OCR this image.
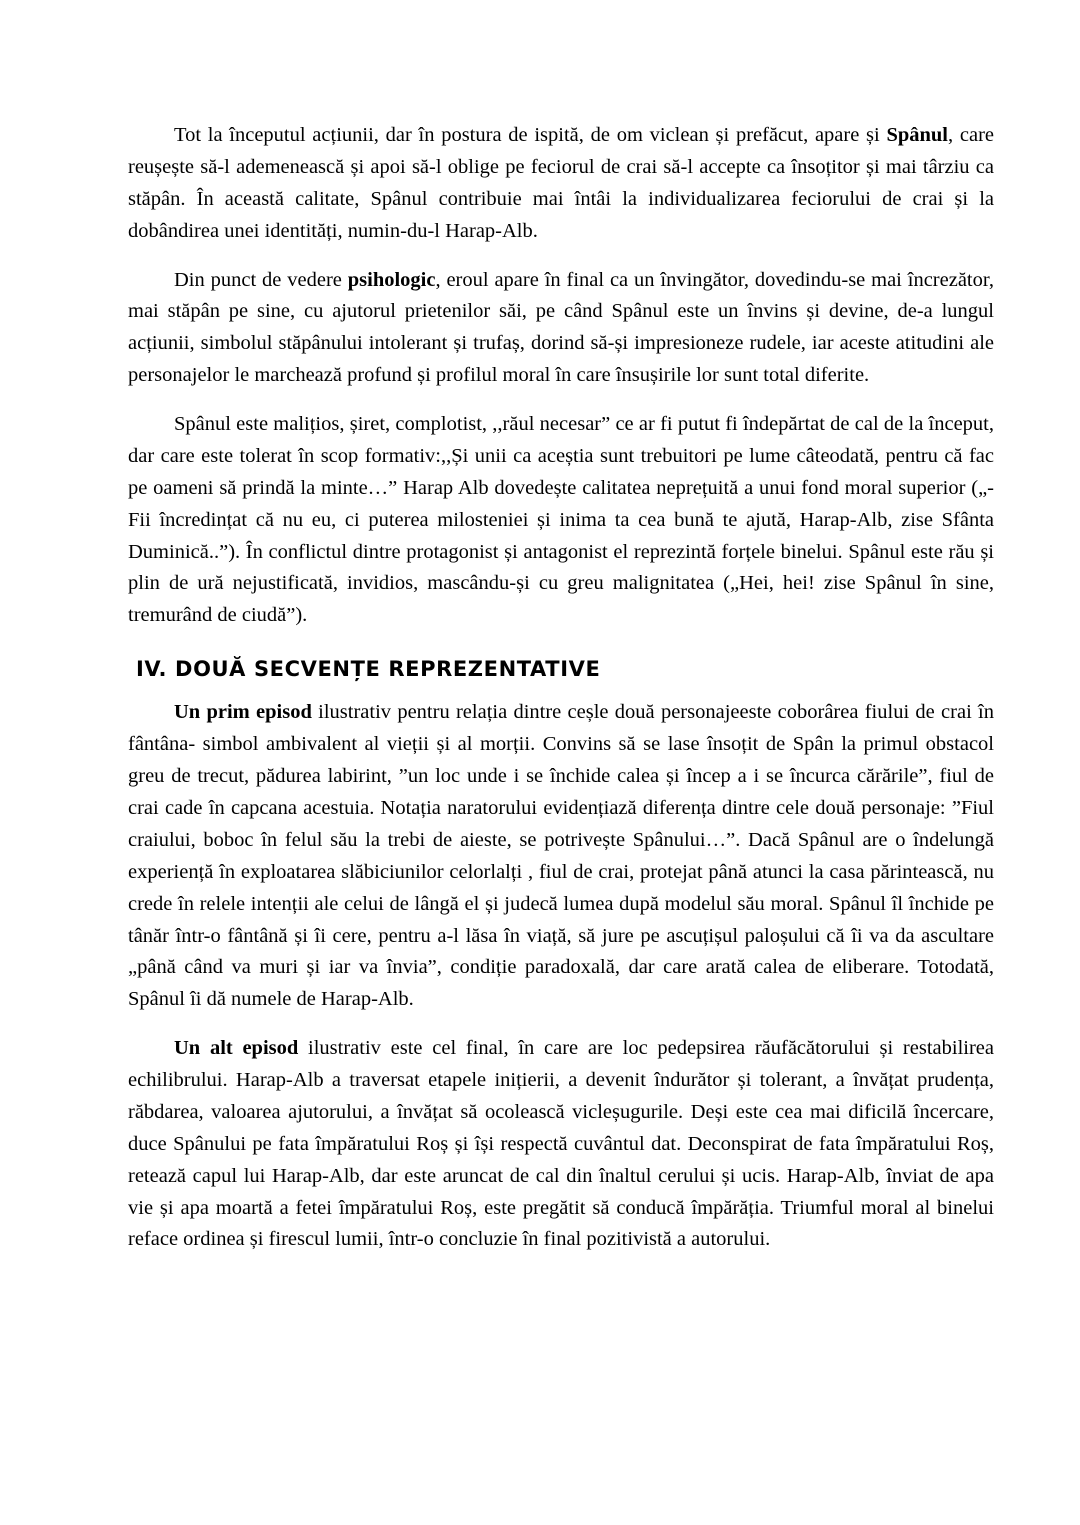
Tot la începutul acțiunii, dar în postura de ispită, de om viclean și prefăcut, apare și Spânul, care reușește să-l ademenească și apoi să-l oblige pe feciorul de crai să-l accepte ca însoțitor și mai târziu ca stăpân. În această calitate, Spânul contribuie mai întâi la individualizarea feciorului de crai și la dobândirea unei identități, numin-du-l Harap-Alb.

Din punct de vedere psihologic, eroul apare în final ca un învingător, dovedindu-se mai încrezător, mai stăpân pe sine, cu ajutorul prietenilor săi, pe când Spânul este un învins și devine, de-a lungul acțiunii, simbolul stăpânului intolerant și trufaș, dorind să-și impresioneze rudele, iar aceste atitudini ale personajelor le marchează profund și profilul moral în care însușirile lor sunt total diferite.

Spânul este malițios, șiret, complotist, ,,răul necesar” ce ar fi putut fi îndepărtat de cal de la început, dar care este tolerat în scop formativ:,,Și unii ca aceștia sunt trebuitori pe lume câteodată, pentru că fac pe oameni să prindă la minte…” Harap Alb dovedește calitatea neprețuită a unui fond moral superior („- Fii încredințat că nu eu, ci puterea milosteniei și inima ta cea bună te ajută, Harap-Alb, zise Sfânta Duminică..”). În conflictul dintre protagonist și antagonist el reprezintă forțele binelui. Spânul este rău și plin de ură nejustificată, invidios, mascându-și cu greu malignitatea („Hei, hei! zise Spânul în sine, tremurând de ciudă”).

IV. DOUĂ SECVENȚE REPREZENTATIVE

Un prim episod ilustrativ pentru relația dintre ceșle două personajeeste coborârea fiului de crai în fântâna- simbol ambivalent al vieții și al morții. Convins să se lase însoțit de Spân la primul obstacol greu de trecut, pădurea labirint, ”un loc unde i se închide calea și încep a i se încurca cărările”, fiul de crai cade în capcana acestuia. Notația naratorului evidențiază diferența dintre cele două personaje: ”Fiul craiului, boboc în felul său la trebi de aieste, se potrivește Spânului…”. Dacă Spânul are o îndelungă experiență în exploatarea slăbiciunilor celorlalți , fiul de crai, protejat până atunci la casa părintească, nu crede în relele intenții ale celui de lângă el și judecă lumea după modelul său moral. Spânul îl închide pe tânăr într-o fântână și îi cere, pentru a-l lăsa în viață, să jure pe ascuțișul paloșului că îi va da ascultare „până când va muri și iar va învia”, condiție paradoxală, dar care arată calea de eliberare. Totodată, Spânul îi dă numele de Harap-Alb.

Un alt episod ilustrativ este cel final, în care are loc pedepsirea răufăcătorului și restabilirea echilibrului. Harap-Alb a traversat etapele inițierii, a devenit îndurător și tolerant, a învățat prudența, răbdarea, valoarea ajutorului, a învățat să ocolească vicleșugurile. Deși este cea mai dificilă încercare, duce Spânului pe fata împăratului Roș și își respectă cuvântul dat. Deconspirat de fata împăratului Roș, retează capul lui Harap-Alb, dar este aruncat de cal din înaltul cerului și ucis. Harap-Alb, înviat de apa vie și apa moartă a fetei împăratului Roș, este pregătit să conducă împărăția. Triumful moral al binelui reface ordinea și firescul lumii, într-o concluzie în final pozitivistă a autorului.
